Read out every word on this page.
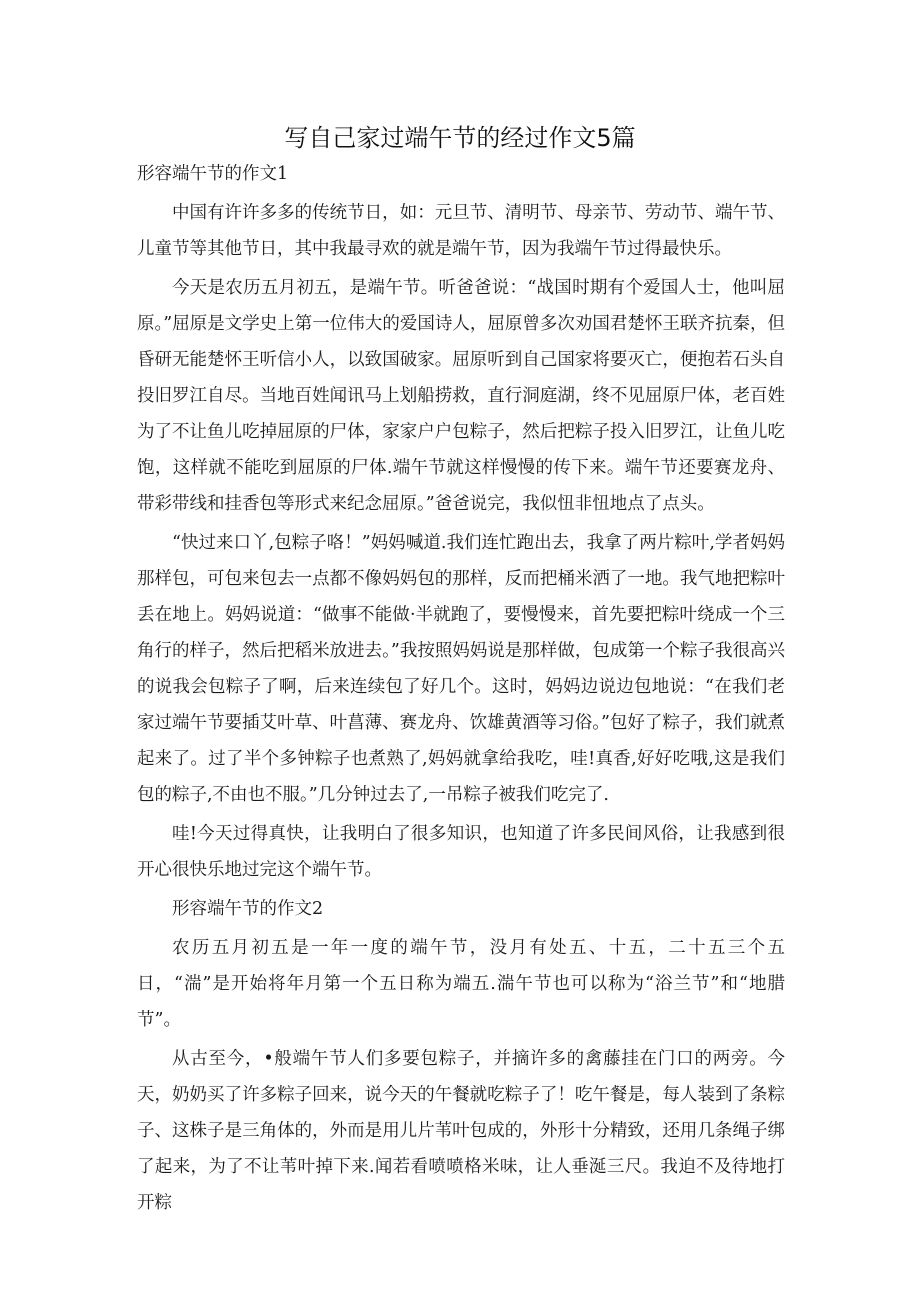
写自己家过端午节的经过作文5篇

形容端午节的作文1

中国有许许多多的传统节日，如：元旦节、清明节、母亲节、劳动节、端午节、儿童节等其他节日，其中我最寻欢的就是端午节，因为我端午节过得最快乐。

今天是农历五月初五，是端午节。听爸爸说：“战国时期有个爱国人士，他叫屈原。”屈原是文学史上第一位伟大的爱国诗人，屈原曾多次劝国君楚怀王联齐抗秦，但昏研无能楚怀王听信小人，以致国破家。屈原听到自己国家将要灭亡，便抱若石头自投旧罗江自尽。当地百姓闻讯马上划船捞救，直行洞庭湖，终不见屈原尸体，老百姓为了不让鱼儿吃掉屈原的尸体，家家户户包粽子，然后把粽子投入旧罗江，让鱼儿吃饱，这样就不能吃到屈原的尸体.端午节就这样慢慢的传下来。端午节还要赛龙舟、带彩带线和挂香包等形式来纪念屈原。”爸爸说完，我似忸非忸地点了点头。

“快过来口丫,包粽子咯！”妈妈喊道.我们连忙跑出去，我拿了两片粽叶,学者妈妈那样包，可包来包去一点都不像妈妈包的那样，反而把桶米洒了一地。我气地把粽叶丢在地上。妈妈说道：“做事不能做·半就跑了，要慢慢来，首先要把粽叶绕成一个三角行的样子，然后把稻米放进去。”我按照妈妈说是那样做，包成第一个粽子我很高兴的说我会包粽子了啊，后来连续包了好几个。这时，妈妈边说边包地说：“在我们老家过端午节要插艾叶草、叶菖薄、赛龙舟、饮雄黄酒等习俗。”包好了粽子，我们就煮起来了。过了半个多钟粽子也煮熟了,妈妈就拿给我吃，哇!真香,好好吃哦,这是我们包的粽子,不由也不服。”几分钟过去了,一吊粽子被我们吃完了.

哇!今天过得真快，让我明白了很多知识，也知道了许多民间风俗，让我感到很开心很快乐地过完这个端午节。

形容端午节的作文2

农历五月初五是一年一度的端午节，没月有处五、十五，二十五三个五日，“湍”是开始将年月第一个五日称为端五.湍午节也可以称为“浴兰节”和“地腊节”。

从古至今，•般端午节人们多要包粽子，并摘许多的禽藤挂在门口的两旁。今天，奶奶买了许多粽子回来，说今天的午餐就吃粽子了！吃午餐是，每人装到了条粽子、这株子是三角体的，外而是用儿片苇叶包成的，外形十分精致，还用几条绳子绑了起来，为了不让苇叶掉下来.闻若看喷喷格米味，让人垂涎三尺。我迫不及待地打开粽
